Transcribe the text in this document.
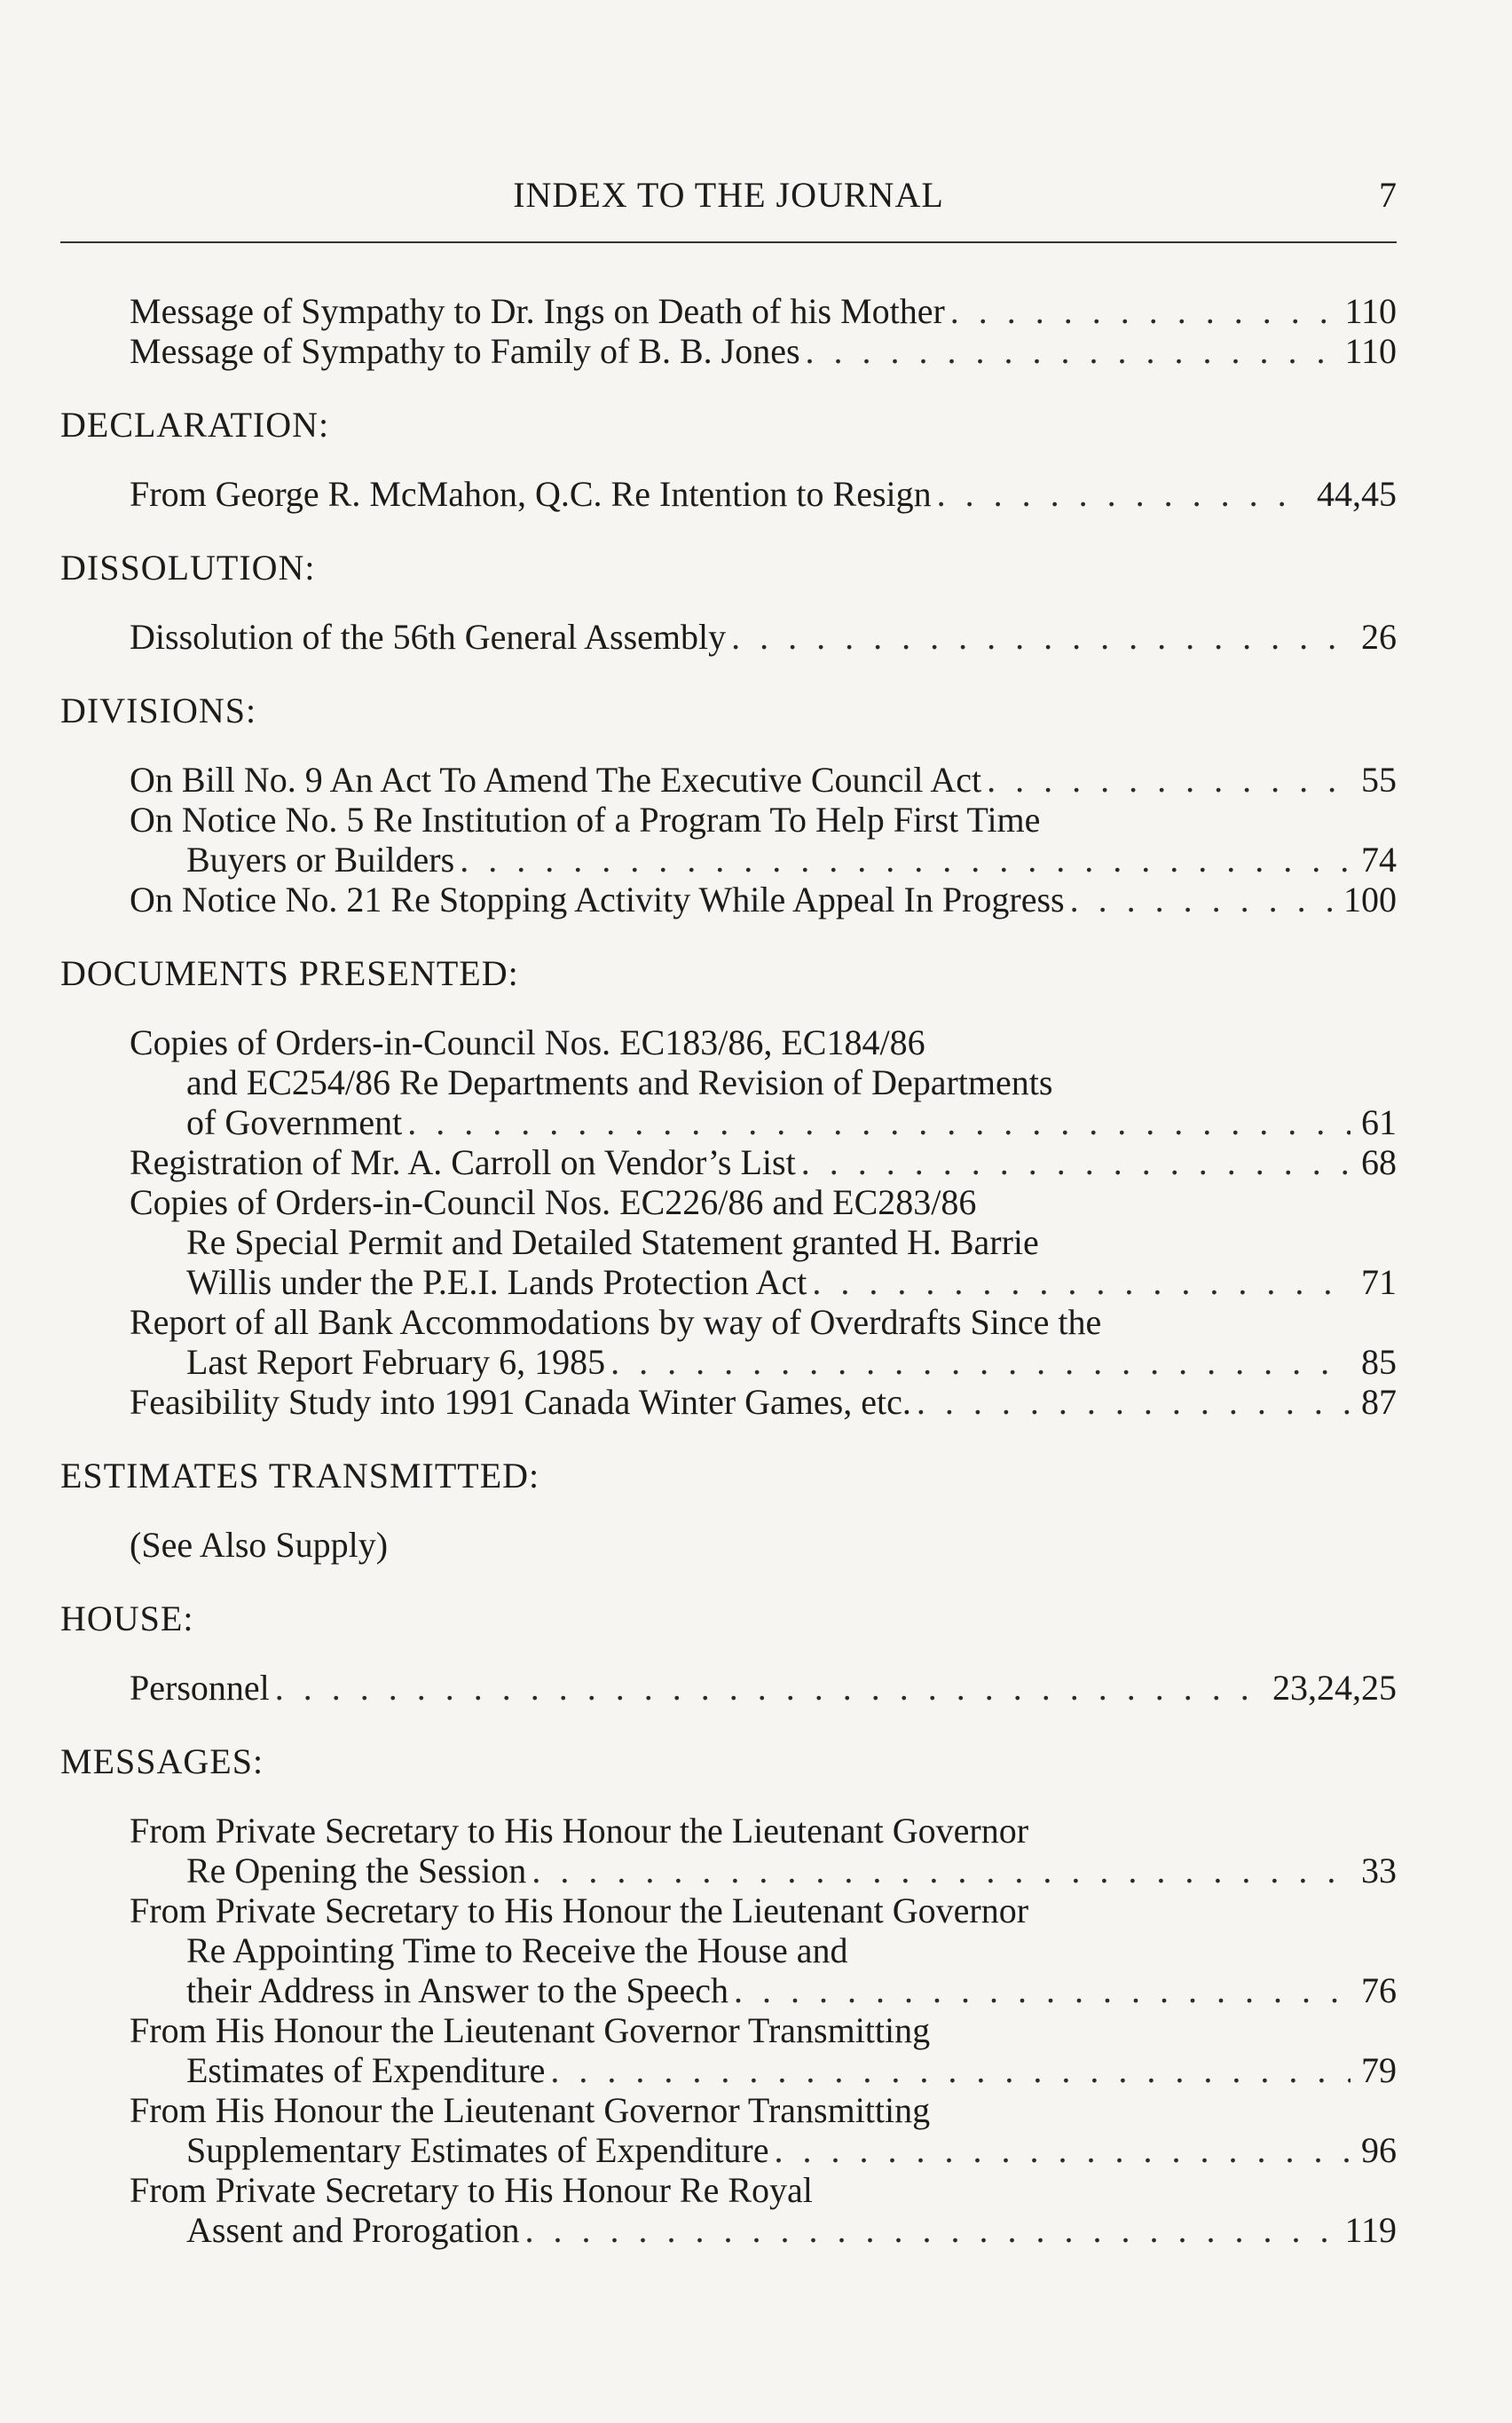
INDEX TO THE JOURNAL	7
Message of Sympathy to Dr. Ings on Death of his Mother . . .	110
Message of Sympathy to Family of B. B. Jones . . .	110
DECLARATION:
From George R. McMahon, Q.C. Re Intention to Resign . . .	44,45
DISSOLUTION:
Dissolution of the 56th General Assembly . . .	26
DIVISIONS:
On Bill No. 9 An Act To Amend The Executive Council Act . . .	55
On Notice No. 5 Re Institution of a Program To Help First Time
Buyers or Builders . . .	74
On Notice No. 21 Re Stopping Activity While Appeal In Progress . . .	100
DOCUMENTS PRESENTED:
Copies of Orders-in-Council Nos. EC183/86, EC184/86
and EC254/86 Re Departments and Revision of Departments
of Government . . .	61
Registration of Mr. A. Carroll on Vendor’s List . . .	68
Copies of Orders-in-Council Nos. EC226/86 and EC283/86
Re Special Permit and Detailed Statement granted H. Barrie
Willis under the P.E.I. Lands Protection Act . . .	71
Report of all Bank Accommodations by way of Overdrafts Since the
Last Report February 6, 1985 . . .	85
Feasibility Study into 1991 Canada Winter Games, etc. . . .	87
ESTIMATES TRANSMITTED:
(See Also Supply)
HOUSE:
Personnel . . .	23,24,25
MESSAGES:
From Private Secretary to His Honour the Lieutenant Governor
Re Opening the Session . . .	33
From Private Secretary to His Honour the Lieutenant Governor
Re Appointing Time to Receive the House and
their Address in Answer to the Speech . . .	76
From His Honour the Lieutenant Governor Transmitting
Estimates of Expenditure . . .	79
From His Honour the Lieutenant Governor Transmitting
Supplementary Estimates of Expenditure . . .	96
From Private Secretary to His Honour Re Royal
Assent and Prorogation . . .	119
